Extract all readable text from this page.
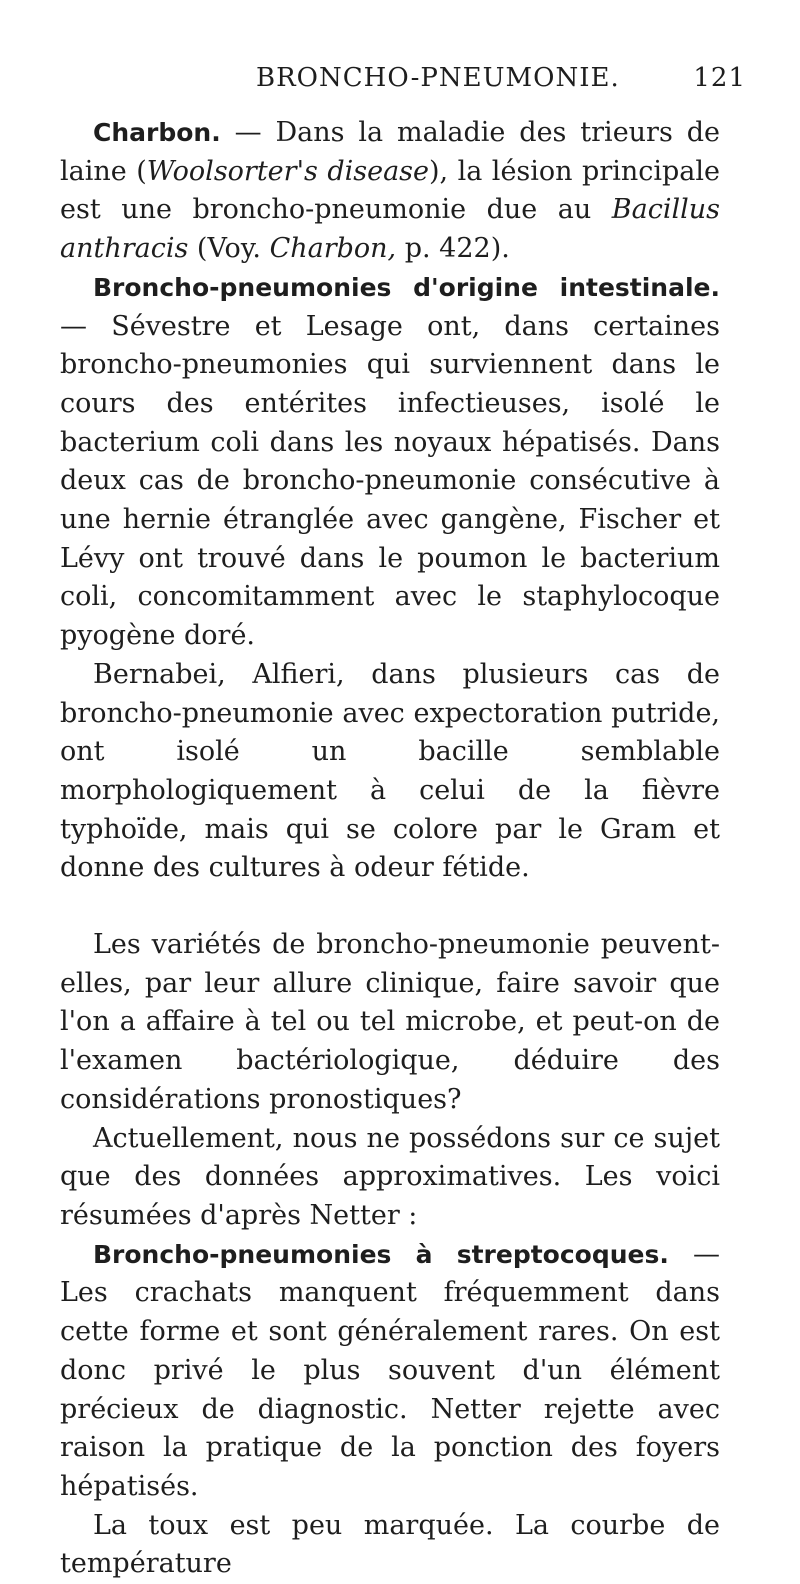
BRONCHO-PNEUMONIE.	121

Charbon. — Dans la maladie des trieurs de laine (Woolsorter's disease), la lésion principale est une broncho-pneumonie due au Bacillus anthracis (Voy. Charbon, p. 422).

Broncho-pneumonies d'origine intestinale. — Sévestre et Lesage ont, dans certaines broncho-pneumonies qui surviennent dans le cours des entérites infectieuses, isolé le bacterium coli dans les noyaux hépatisés. Dans deux cas de broncho-pneumonie consécutive à une hernie étranglée avec gangène, Fischer et Lévy ont trouvé dans le poumon le bacterium coli, concomitamment avec le staphylocoque pyogène doré.

Bernabei, Alfieri, dans plusieurs cas de broncho-pneumonie avec expectoration putride, ont isolé un bacille semblable morphologiquement à celui de la fièvre typhoïde, mais qui se colore par le Gram et donne des cultures à odeur fétide.

Les variétés de broncho-pneumonie peuvent-elles, par leur allure clinique, faire savoir que l'on a affaire à tel ou tel microbe, et peut-on de l'examen bactériologique, déduire des considérations pronostiques?

Actuellement, nous ne possédons sur ce sujet que des données approximatives. Les voici résumées d'après Netter :

Broncho-pneumonies à streptocoques. — Les crachats manquent fréquemment dans cette forme et sont généralement rares. On est donc privé le plus souvent d'un élément précieux de diagnostic. Netter rejette avec raison la pratique de la ponction des foyers hépatisés.

La toux est peu marquée. La courbe de température
